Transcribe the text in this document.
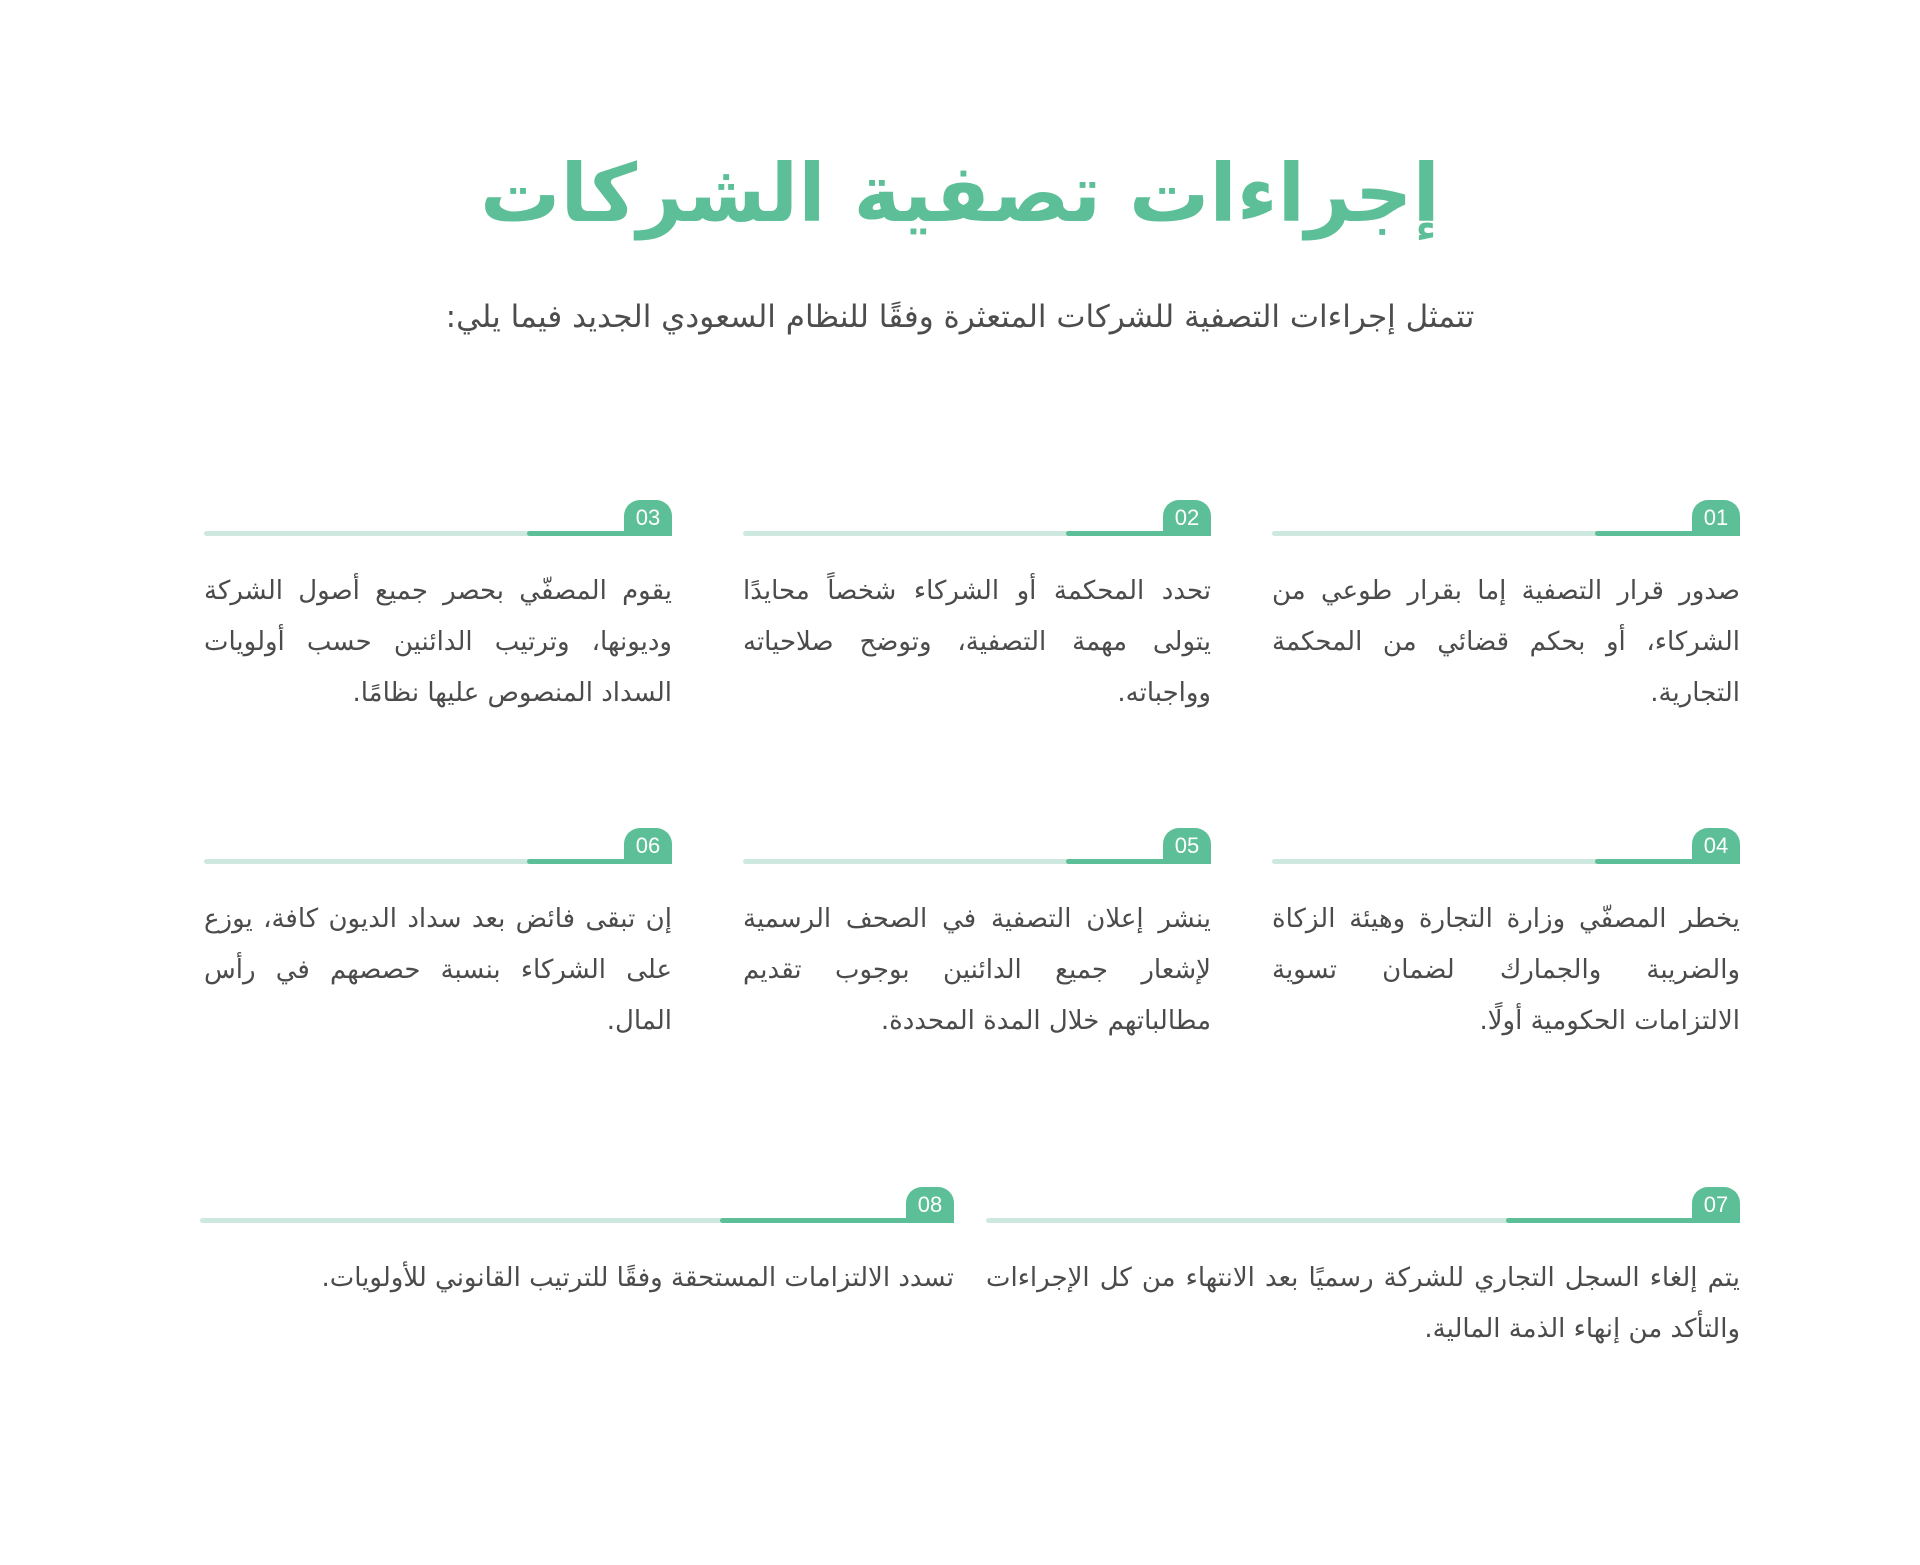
إجراءات تصفية الشركات

تتمثل إجراءات التصفية للشركات المتعثرة وفقًا للنظام السعودي الجديد فيما يلي:

01

صدور قرار التصفية إما بقرار طوعي من الشركاء، أو بحكم قضائي من المحكمة التجارية.

02

تحدد المحكمة أو الشركاء شخصاً محايدًا يتولى مهمة التصفية، وتوضح صلاحياته وواجباته.

03

يقوم المصفّي بحصر جميع أصول الشركة وديونها، وترتيب الدائنين حسب أولويات السداد المنصوص عليها نظامًا.

04

يخطر المصفّي وزارة التجارة وهيئة الزكاة والضريبة والجمارك لضمان تسوية الالتزامات الحكومية أولًا.

05

ينشر إعلان التصفية في الصحف الرسمية لإشعار جميع الدائنين بوجوب تقديم مطالباتهم خلال المدة المحددة.

06

إن تبقى فائض بعد سداد الديون كافة، يوزع على الشركاء بنسبة حصصهم في رأس المال.

07

يتم إلغاء السجل التجاري للشركة رسميًا بعد الانتهاء من كل الإجراءات والتأكد من إنهاء الذمة المالية.

08

تسدد الالتزامات المستحقة وفقًا للترتيب القانوني للأولويات.
